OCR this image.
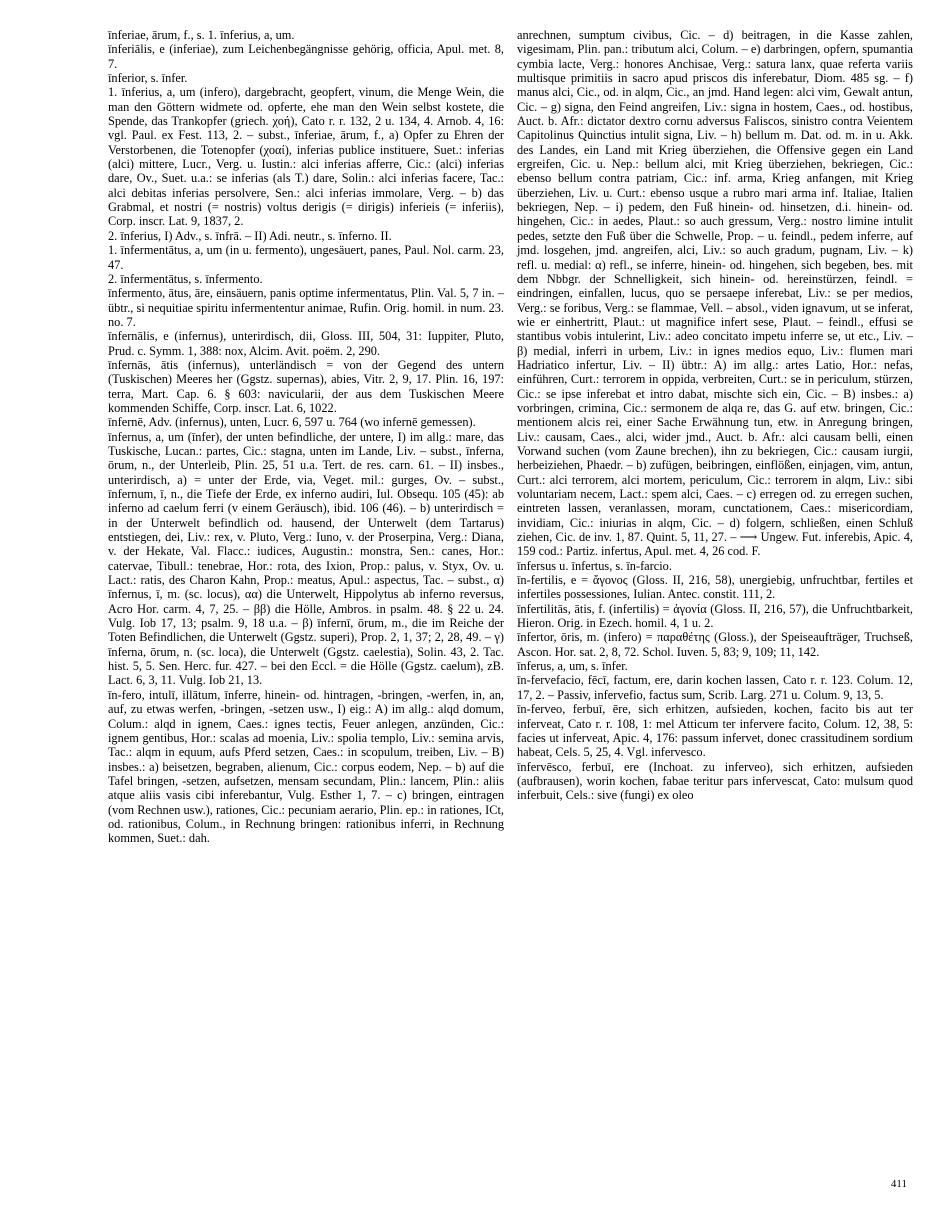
īnferiae, ārum, f., s. 1. īnferius, a, um.

īnferiālis, e (inferiae), zum Leichenbegängnisse gehörig, officia, Apul. met. 8, 7.

īnferior, s. īnfer.

1. īnferius, a, um (infero), dargebracht, geopfert, vinum, die Menge Wein, die man den Göttern widmete od. opferte, ehe man den Wein selbst kostete, die Spende, das Trankopfer (griech. χοή), Cato r. r. 132, 2 u. 134, 4. Arnob. 4, 16: vgl. Paul. ex Fest. 113, 2. – subst., īnferiae, ārum, f., a) Opfer zu Ehren der Verstorbenen, die Totenopfer (χοαί), inferias publice instituere, Suet.: inferias (alci) mittere, Lucr., Verg. u. Iustin.: alci inferias afferre, Cic.: (alci) inferias dare, Ov., Suet. u.a.: se inferias (als T.) dare, Solin.: alci inferias facere, Tac.: alci debitas inferias persolvere, Sen.: alci inferias immolare, Verg. – b) das Grabmal, et nostri (= nostris) voltus derigis (= dirigis) inferieis (= inferiis), Corp. inscr. Lat. 9, 1837, 2.

2. īnferius, I) Adv., s. īnfrā. – II) Adi. neutr., s. īnferno. II.

1. īnfermentātus, a, um (in u. fermento), ungesäuert, panes, Paul. Nol. carm. 23, 47.

2. īnfermentātus, s. īnfermento.

īnfermento, ātus, āre, einsäuern, panis optime infermentatus, Plin. Val. 5, 7 in. – übtr., si nequitiae spiritu infermententur animae, Rufin. Orig. homil. in num. 23. no. 7.

īnfernālis, e (infernus), unterirdisch, dii, Gloss. III, 504, 31: Iuppiter, Pluto, Prud. c. Symm. 1, 388: nox, Alcim. Avit. poëm. 2, 290.

īnfernās, ātis (infernus), unterländisch = von der Gegend des untern (Tuskischen) Meeres her (Ggstz. supernas), abies, Vitr. 2, 9, 17. Plin. 16, 197: terra, Mart. Cap. 6. § 603: navicularii, der aus dem Tuskischen Meere kommenden Schiffe, Corp. inscr. Lat. 6, 1022.

īnfernē, Adv. (infernus), unten, Lucr. 6, 597 u. 764 (wo infernē gemessen).

īnfernus, a, um (īnfer), der unten befindliche, der untere, I) im allg.: mare, das Tuskische, Lucan.: partes, Cic.: stagna, unten im Lande, Liv. – subst., īnferna, ōrum, n., der Unterleib, Plin. 25, 51 u.a. Tert. de res. carn. 61. – II) insbes., unterirdisch, a) = unter der Erde, via, Veget. mil.: gurges, Ov. – subst., īnfernum, ī, n., die Tiefe der Erde, ex inferno audiri, Iul. Obsequ. 105 (45): ab inferno ad caelum ferri (v einem Geräusch), ibid. 106 (46). – b) unterirdisch = in der Unterwelt befindlich od. hausend, der Unterwelt (dem Tartarus) entstiegen, dei, Liv.: rex, v. Pluto, Verg.: Iuno, v. der Proserpina, Verg.: Diana, v. der Hekate, Val. Flacc.: iudices, Augustin.: monstra, Sen.: canes, Hor.: catervae, Tibull.: tenebrae, Hor.: rota, des Ixion, Prop.: palus, v. Styx, Ov. u. Lact.: ratis, des Charon Kahn, Prop.: meatus, Apul.: aspectus, Tac. – subst., α) īnfernus, ī, m. (sc. locus), αα) die Unterwelt, Hippolytus ab inferno reversus, Acro Hor. carm. 4, 7, 25. – ββ) die Hölle, Ambros. in psalm. 48. § 22 u. 24. Vulg. Iob 17, 13; psalm. 9, 18 u.a. – β) īnfernī, ōrum, m., die im Reiche der Toten Befindlichen, die Unterwelt (Ggstz. superi), Prop. 2, 1, 37; 2, 28, 49. – γ) īnferna, ōrum, n. (sc. loca), die Unterwelt (Ggstz. caelestia), Solin. 43, 2. Tac. hist. 5, 5. Sen. Herc. fur. 427. – bei den Eccl. = die Hölle (Ggstz. caelum), zB. Lact. 6, 3, 11. Vulg. Iob 21, 13.

īn-fero, intulī, illātum, īnferre, hinein- od. hintragen, -bringen, -werfen, in, an, auf, zu etwas werfen, -bringen, -setzen usw., I) eig.: A) im allg.: alqd domum, Colum.: alqd in ignem, Caes.: ignes tectis, Feuer anlegen, anzünden, Cic.: ignem gentibus, Hor.: scalas ad moenia, Liv.: spolia templo, Liv.: semina arvis, Tac.: alqm in equum, aufs Pferd setzen, Caes.: in scopulum, treiben, Liv. – B) insbes.: a) beisetzen, begraben, alienum, Cic.: corpus eodem, Nep. – b) auf die Tafel bringen, -setzen, aufsetzen, mensam secundam, Plin.: lancem, Plin.: aliis atque aliis vasis cibi inferebantur, Vulg. Esther 1, 7. – c) bringen, eintragen (vom Rechnen usw.), rationes, Cic.: pecuniam aerario, Plin. ep.: in rationes, ICt, od. rationibus, Colum., in Rechnung bringen: rationibus inferri, in Rechnung kommen, Suet.: dah.

anrechnen, sumptum civibus, Cic. – d) beitragen, in die Kasse zahlen, vigesimam, Plin. pan.: tributum alci, Colum. – e) darbringen, opfern, spumantia cymbia lacte, Verg.: honores Anchisae, Verg.: satura lanx, quae referta variis multisque primitiis in sacro apud priscos dis inferebatur, Diom. 485 sg. – f) manus alci, Cic., od. in alqm, Cic., an jmd. Hand legen: alci vim, Gewalt antun, Cic. – g) signa, den Feind angreifen, Liv.: signa in hostem, Caes., od. hostibus, Auct. b. Afr.: dictator dextro cornu adversus Faliscos, sinistro contra Veientem Capitolinus Quinctius intulit signa, Liv. – h) bellum m. Dat. od. m. in u. Akk. des Landes, ein Land mit Krieg überziehen, die Offensive gegen ein Land ergreifen, Cic. u. Nep.: bellum alci, mit Krieg überziehen, bekriegen, Cic.: ebenso bellum contra patriam, Cic.: inf. arma, Krieg anfangen, mit Krieg überziehen, Liv. u. Curt.: ebenso usque a rubro mari arma inf. Italiae, Italien bekriegen, Nep. – i) pedem, den Fuß hinein- od. hinsetzen, d.i. hinein- od. hingehen, Cic.: in aedes, Plaut.: so auch gressum, Verg.: nostro limine intulit pedes, setzte den Fuß über die Schwelle, Prop. – u. feindl., pedem inferre, auf jmd. losgehen, jmd. angreifen, alci, Liv.: so auch gradum, pugnam, Liv. – k) refl. u. medial: α) refl., se inferre, hinein- od. hingehen, sich begeben, bes. mit dem Nbbgr. der Schnelligkeit, sich hinein- od. hereinstürzen, feindl. = eindringen, einfallen, lucus, quo se persaepe inferebat, Liv.: se per medios, Verg.: se foribus, Verg.: se flammae, Vell. – absol., viden ignavum, ut se inferat, wie er einhertritt, Plaut.: ut magnifice infert sese, Plaut. – feindl., effusi se stantibus vobis intulerint, Liv.: adeo concitato impetu inferre se, ut etc., Liv. – β) medial, inferri in urbem, Liv.: in ignes medios equo, Liv.: flumen mari Hadriatico infertur, Liv. – II) übtr.: A) im allg.: artes Latio, Hor.: nefas, einführen, Curt.: terrorem in oppida, verbreiten, Curt.: se in periculum, stürzen, Cic.: se ipse inferebat et intro dabat, mischte sich ein, Cic. – B) insbes.: a) vorbringen, crimina, Cic.: sermonem de alqa re, das G. auf etw. bringen, Cic.: mentionem alcis rei, einer Sache Erwähnung tun, etw. in Anregung bringen, Liv.: causam, Caes., alci, wider jmd., Auct. b. Afr.: alci causam belli, einen Vorwand suchen (vom Zaune brechen), ihn zu bekriegen, Cic.: causam iurgii, herbeiziehen, Phaedr. – b) zufügen, beibringen, einflößen, einjagen, vim, antun, Curt.: alci terrorem, alci mortem, periculum, Cic.: terrorem in alqm, Liv.: sibi voluntariam necem, Lact.: spem alci, Caes. – c) erregen od. zu erregen suchen, eintreten lassen, veranlassen, moram, cunctationem, Caes.: misericordiam, invidiam, Cic.: iniurias in alqm, Cic. – d) folgern, schließen, einen Schluß ziehen, Cic. de inv. 1, 87. Quint. 5, 11, 27. – ⟶ Ungew. Fut. inferebis, Apic. 4, 159 cod.: Partiz. infertus, Apul. met. 4, 26 cod. F.

īnfersus u. īnfertus, s. īn-farcio.

īn-fertilis, e = ἄγονος (Gloss. II, 216, 58), unergiebig, unfruchtbar, fertiles et infertiles possessiones, Iulian. Antec. constit. 111, 2.

īnfertilitās, ātis, f. (infertilis) = ἀγονία (Gloss. II, 216, 57), die Unfruchtbarkeit, Hieron. Orig. in Ezech. homil. 4, 1 u. 2.

īnfertor, ōris, m. (infero) = παραθέτης (Gloss.), der Speiseaufträger, Truchseß, Ascon. Hor. sat. 2, 8, 72. Schol. Iuven. 5, 83; 9, 109; 11, 142.

īnferus, a, um, s. īnfer.

īn-fervefacio, fēcī, factum, ere, darin kochen lassen, Cato r. r. 123. Colum. 12, 17, 2. – Passiv, infervefio, factus sum, Scrib. Larg. 271 u. Colum. 9, 13, 5.

īn-ferveo, ferbuī, ēre, sich erhitzen, aufsieden, kochen, facito bis aut ter inferveat, Cato r. r. 108, 1: mel Atticum ter infervere facito, Colum. 12, 38, 5: facies ut inferveat, Apic. 4, 176: passum infervet, donec crassitudinem sordium habeat, Cels. 5, 25, 4. Vgl. infervesco.

īnfervēsco, ferbuī, ere (Inchoat. zu inferveo), sich erhitzen, aufsieden (aufbrausen), worin kochen, fabae teritur pars infervescat, Cato: mulsum quod inferbuit, Cels.: sive (fungi) ex oleo

411
